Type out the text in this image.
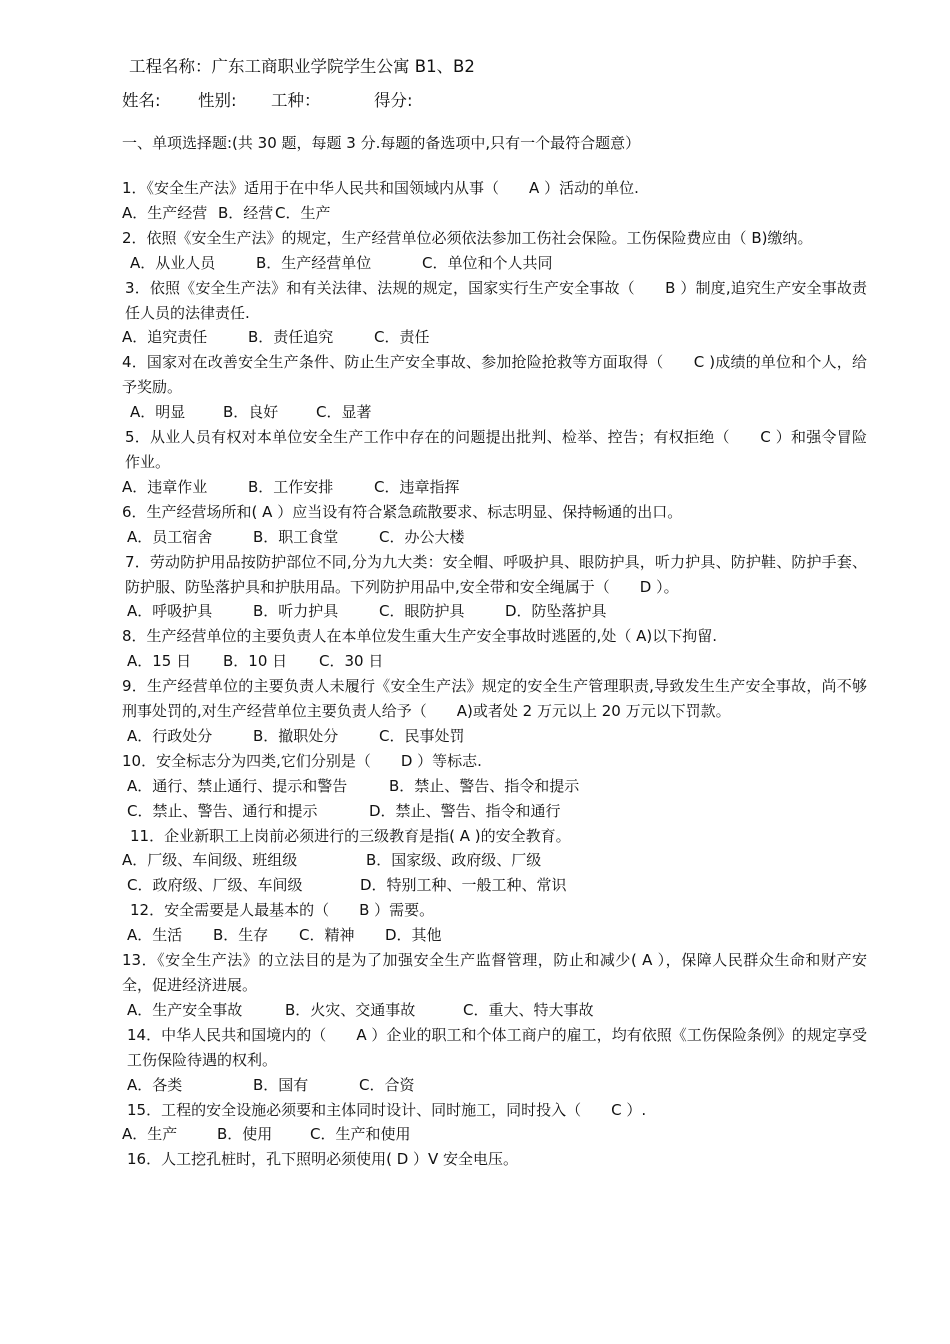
工程名称：广东工商职业学院学生公寓 B1、B2
姓名: 性别: 工种：	得分:
一、单项选择题:(共 30 题，每题 3 分.每题的备选项中,只有一个最符合题意）
1．《安全生产法》适用于在中华人民共和国领域内从事（　　A ）活动的单位.
A．生产经营 B．经营 C．生产
2．依照《安全生产法》的规定，生产经营单位必须依法参加工伤社会保险。工伤保险费应由（ B)缴纳。
A．从业人员	B．生产经营单位	C．单位和个人共同
3．依照《安全生产法》和有关法律、法规的规定，国家实行生产安全事故（　　B ）制度,追究生产安全事故责任人员的法律责任.
A．追究责任	B．责任追究	C．责任
4．国家对在改善安全生产条件、防止生产安全事故、参加抢险抢救等方面取得（　　C )成绩的单位和个人，给予奖励。
A．明显	B．良好	C．显著
5．从业人员有权对本单位安全生产工作中存在的问题提出批判、检举、控告；有权拒绝（　　C ）和强令冒险作业。
A．违章作业	B．工作安排	C．违章指挥
6．生产经营场所和( A ）应当设有符合紧急疏散要求、标志明显、保持畅通的出口。
A．员工宿舍	B．职工食堂	C．办公大楼
7．劳动防护用品按防护部位不同,分为九大类：安全帽、呼吸护具、眼防护具，听力护具、防护鞋、防护手套、防护服、防坠落护具和护肤用品。下列防护用品中,安全带和安全绳属于（　　D ）。
A．呼吸护具	B．听力护具	C．眼防护具	D．防坠落护具
8．生产经营单位的主要负责人在本单位发生重大生产安全事故时逃匿的,处（ A)以下拘留.
A．15 日 B．10 日 C．30 日
9．生产经营单位的主要负责人未履行《安全生产法》规定的安全生产管理职责,导致发生生产安全事故，尚不够刑事处罚的,对生产经营单位主要负责人给予（　　A)或者处 2 万元以上 20 万元以下罚款。
A．行政处分	B．撤职处分	C．民事处罚
10．安全标志分为四类,它们分别是（　　D ）等标志.
A．通行、禁止通行、提示和警告	B．禁止、警告、指令和提示
C．禁止、警告、通行和提示	D．禁止、警告、指令和通行
11．企业新职工上岗前必须进行的三级教育是指( A )的安全教育。
A．厂级、车间级、班组级	B．国家级、政府级、厂级
C．政府级、厂级、车间级	D．特别工种、一般工种、常识
12．安全需要是人最基本的（　　B ）需要。
A．生活 B．生存 C．精神 D．其他
13．《安全生产法》的立法目的是为了加强安全生产监督管理，防止和减少( A ），保障人民群众生命和财产安全，促进经济进展。
A．生产安全事故	B．火灾、交通事故	C．重大、特大事故
14．中华人民共和国境内的（　　A ）企业的职工和个体工商户的雇工，均有依照《工伤保险条例》的规定享受工伤保险待遇的权利。
A．各类	B．国有	C．合资
15．工程的安全设施必须要和主体同时设计、同时施工，同时投入（　　C ）.
A．生产	B．使用	C．生产和使用
16．人工挖孔桩时，孔下照明必须使用( D ）V 安全电压。
